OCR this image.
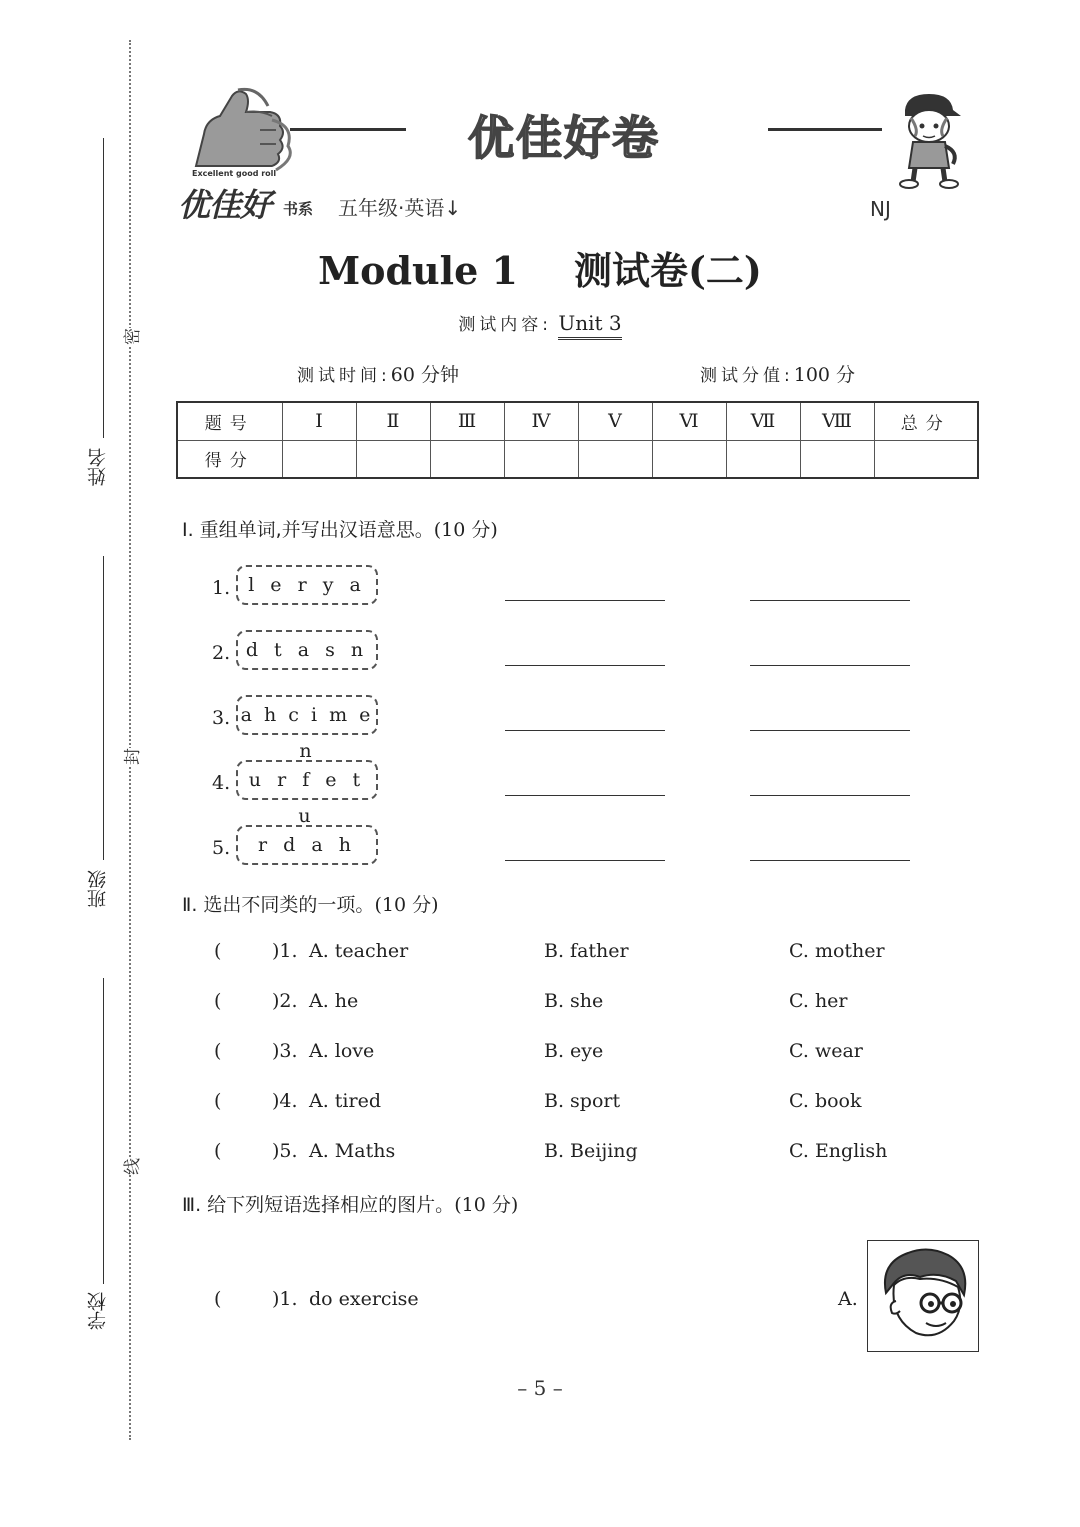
姓名
班级
学校
密
封
线
Excellent good roll
优佳好 书系 五年级·英语↓
优佳好卷
NJ
Module 1 测试卷(二)
测试内容: Unit 3
测试时间:60 分钟	测试分值:100 分
题号	Ⅰ	Ⅱ	Ⅲ	Ⅳ	Ⅴ	Ⅵ	Ⅶ	Ⅷ	总分
得分									
Ⅰ. 重组单词,并写出汉语意思。(10 分)
1. l e r y a
2. d t a s n
3. a h c i m e n
4. u r f e t u
5.	r d a h
Ⅱ. 选出不同类的一项。(10 分)
(	)1. A. teacher	B. father	C. mother
(	)2. A. he	B. she	C. her
(	)3. A. love	B. eye	C. wear
(	)4. A. tired	B. sport	C. book
(	)5. A. Maths	B. Beijing	C. English
Ⅲ. 给下列短语选择相应的图片。(10 分)
(	)1. do exercise	A.
– 5 –
